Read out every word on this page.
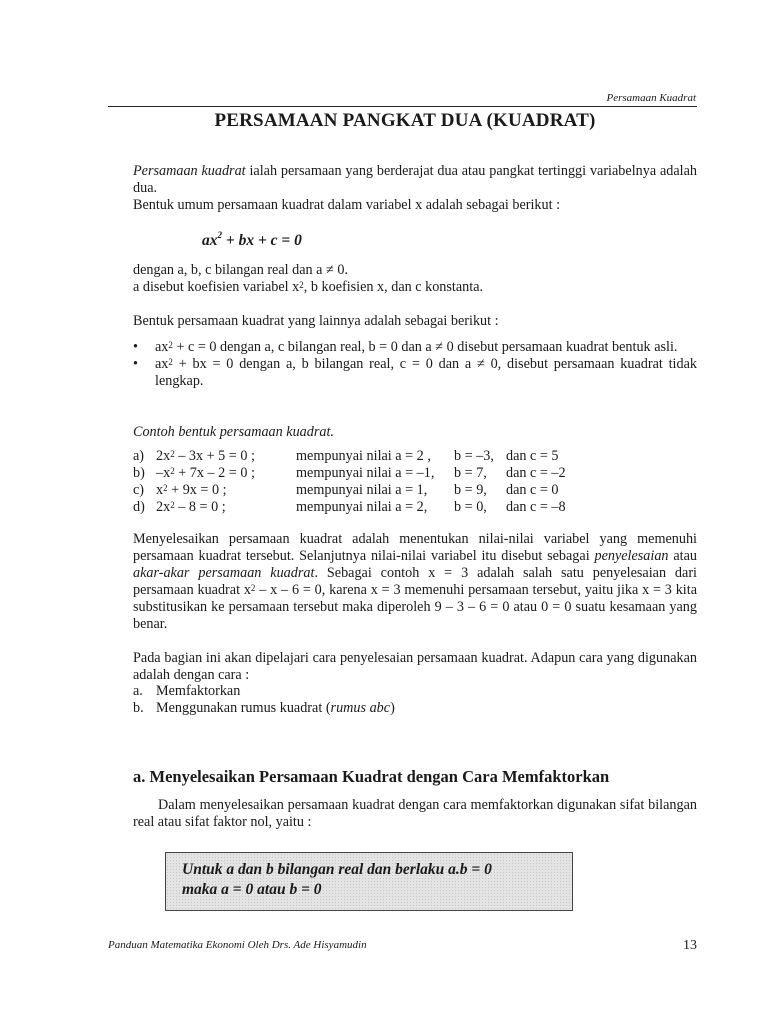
Persamaan Kuadrat
PERSAMAAN PANGKAT DUA (KUADRAT)

Persamaan kuadrat ialah persamaan yang berderajat dua atau pangkat tertinggi variabelnya adalah dua.

Bentuk umum persamaan kuadrat dalam variabel x adalah sebagai berikut :

$ax^2$ + bx + c = 0

dengan a, b, c bilangan real dan a ≠ 0.

a disebut koefisien variabel $x^2$, b koefisien x, dan c konstanta.

Bentuk persamaan kuadrat yang lainnya adalah sebagai berikut :
• $ax^2 + c = 0$ dengan a, c bilangan real, b = 0 dan a ≠ 0 disebut persamaan kuadrat bentuk asli.
• $ax^2$ + bx = 0 dengan a, b bilangan real, c = 0 dan a ≠ 0, disebut persamaan kuadrat tidak lengkap.
Contoh bentuk persamaan kuadrat.
a)	$2x^2 - 3x + 5 = 0$ ;	mempunyai nilai a = 2 ,	b = –3,	dan c = 5
b)	$-x^2 + 7x - 2 = 0$ ;	mempunyai nilai a = –1,	b = 7,	dan c = –2
c)	$x^2 + 9x = 0$ ;	mempunyai nilai a = 1,	b = 9,	dan c = 0
d)	$2x^2 - 8 = 0$ ;	mempunyai nilai a = 2,	b = 0,	dan c = –8

Menyelesaikan persamaan kuadrat adalah menentukan nilai-nilai variabel yang memenuhi persamaan kuadrat tersebut. Selanjutnya nilai-nilai variabel itu disebut sebagai penyelesaian atau akar-akar persamaan kuadrat. Sebagai contoh x = 3 adalah salah satu penyelesaian dari persamaan kuadrat $x^2 - x - 6 = 0$, karena x = 3 memenuhi persamaan tersebut, yaitu jika x = 3 kita substitusikan ke persamaan tersebut maka diperoleh 9 – 3 – 6 = 0 atau 0 = 0 suatu kesamaan yang benar.

Pada bagian ini akan dipelajari cara penyelesaian persamaan kuadrat. Adapun cara yang digunakan adalah dengan cara :
a.	Memfaktorkan
b.	Menggunakan rumus kuadrat (rumus abc)
a. Menyelesaikan Persamaan Kuadrat dengan Cara Memfaktorkan
Dalam menyelesaikan persamaan kuadrat dengan cara memfaktorkan digunakan sifat bilangan real atau sifat faktor nol, yaitu :
Untuk a dan b bilangan real dan berlaku a.b = 0
maka a = 0 atau b = 0
Panduan Matematika Ekonomi Oleh Drs. Ade Hisyamudin	13
